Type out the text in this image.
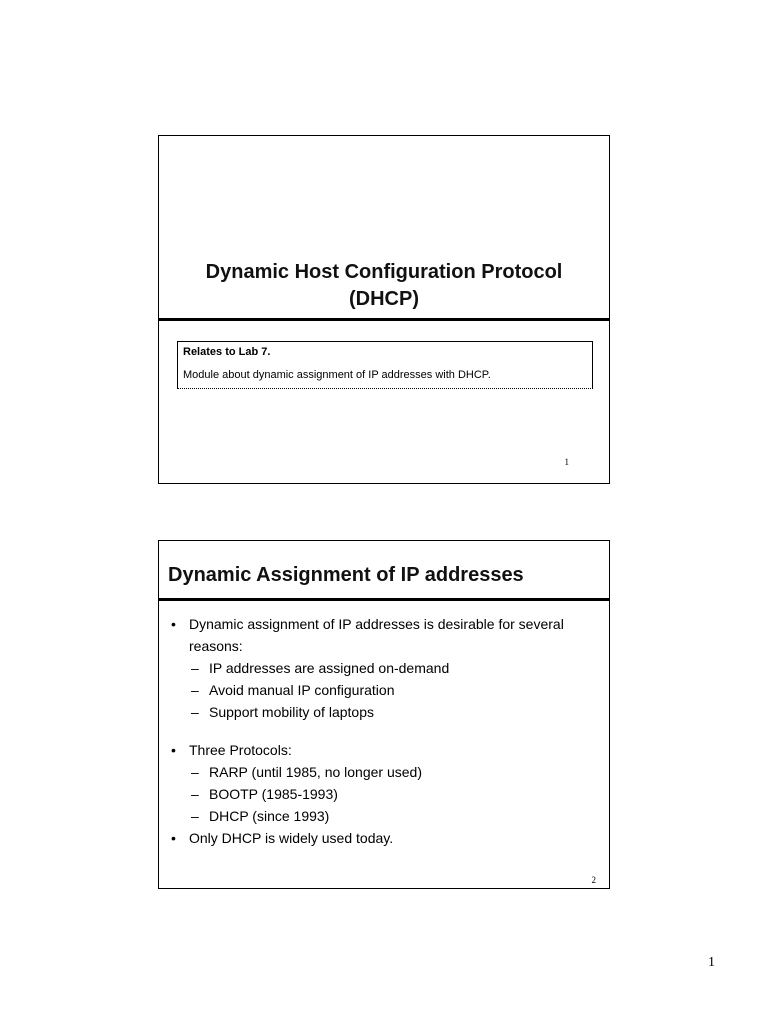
Dynamic Host Configuration Protocol
(DHCP)
Relates to Lab 7.
Module about dynamic assignment of IP addresses with DHCP.
1
Dynamic Assignment of IP addresses
• Dynamic assignment of IP addresses is desirable for several reasons:
– IP addresses are assigned on-demand
– Avoid manual IP configuration
– Support mobility of laptops
• Three Protocols:
– RARP (until 1985, no longer used)
– BOOTP (1985-1993)
– DHCP (since 1993)
• Only DHCP is widely used today.
2
1
